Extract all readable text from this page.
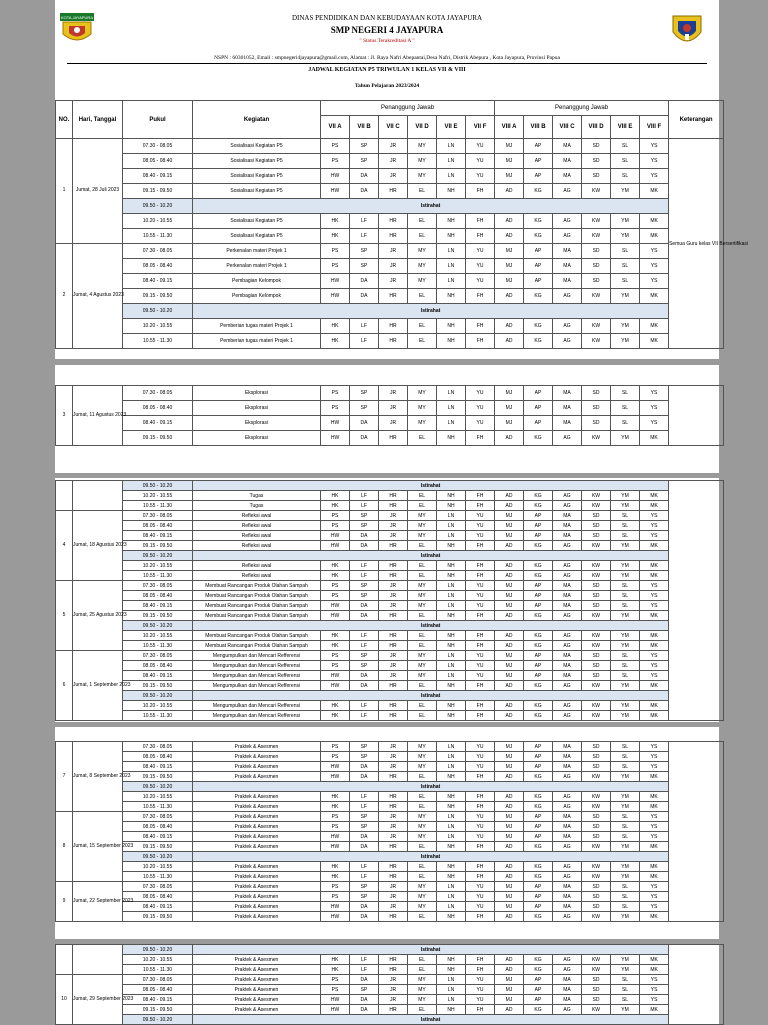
KOTA JAYAPURA	DINAS PENDIDIKAN DAN KEBUDAYAAN KOTA JAYAPURA
SMP NEGERI 4 JAYAPURA
" Status Terakreditasi A "
NSPN : 60301052, Email : smpnegeri4jayapura@gmail.com, Alamat : Jl. Raya Nafri Abepantai,Desa Nafri, Distrik Abepura , Kota Jayapura, Provinsi Papua
JADWAL KEGIATAN P5 TRIWULAN 1 KELAS VII & VIII
Tahun Pelajaran 2023/2024
NO.	Hari, Tanggal	Pukul	Kegiatan	Penanggung Jawab						Penanggung Jawab						Keterangan
				VII A	VII B	VII C	VII D	VII E	VII F	VIII A	VIII B	VIII C	VIII D	VIII E	VIII F	
1	Jumat, 28 Juli 2023	07.30 - 08.05	Sosialisasi Kegiatan P5	PS	SP	JR	MY	LN	YU	MJ	AP	MA	SD	SL	YS	Semua Guru kelas VII Bersertifikasi
		08.05 - 08.40	Sosialisasi Kegiatan P5	PS	SP	JR	MY	LN	YU	MJ	AP	MA	SD	SL	YS	
		08.40 - 09.15	Sosialisasi Kegiatan P5	HW	DA	JR	MY	LN	YU	MJ	AP	MA	SD	SL	YS	
		09.15 - 09.50	Sosialisasi Kegiatan P5	HW	DA	HR	EL	NH	FH	AD	KG	AG	KW	YM	MK	
		09.50 - 10.20	Istirahat													
		10.20 - 10.55	Sosialisasi Kegiatan P5	HK	LF	HR	EL	NH	FH	AD	KG	AG	KW	YM	MK	
		10.55 - 11.30	Sosialisasi Kegiatan P5	HK	LF	HR	EL	NH	FH	AD	KG	AG	KW	YM	MK	
2	Jumat, 4 Agustus 2023	07.30 - 08.05	Perkenalan materi Projek 1	PS	SP	JR	MY	LN	YU	MJ	AP	MA	SD	SL	YS	
		08.05 - 08.40	Perkenalan materi Projek 1	PS	SP	JR	MY	LN	YU	MJ	AP	MA	SD	SL	YS	
		08.40 - 09.15	Pembagian Kelompok	HW	DA	JR	MY	LN	YU	MJ	AP	MA	SD	SL	YS	
		09.15 - 09.50	Pembagian Kelompok	HW	DA	HR	EL	NH	FH	AD	KG	AG	KW	YM	MK	
		09.50 - 10.20	Istirahat													
		10.20 - 10.55	Pemberian tugas materi Projek 1	HK	LF	HR	EL	NH	FH	AD	KG	AG	KW	YM	MK	
		10.55 - 11.30	Pemberian tugas materi Projek 1	HK	LF	HR	EL	NH	FH	AD	KG	AG	KW	YM	MK	
3	Jumat, 11 Agustus 2023	07.30 - 08.05	Eksplorasi	PS	SP	JR	MY	LN	YU	MJ	AP	MA	SD	SL	YS	
		08.05 - 08.40	Eksplorasi	PS	SP	JR	MY	LN	YU	MJ	AP	MA	SD	SL	YS	
		08.40 - 09.15	Eksplorasi	HW	DA	JR	MY	LN	YU	MJ	AP	MA	SD	SL	YS	
		09.15 - 09.50	Eksplorasi	HW	DA	HR	EL	NH	FH	AD	KG	AG	KW	YM	MK	
		09.50 - 10.20	Istirahat													
		10.20 - 10.55	Tugas	HK	LF	HR	EL	NH	FH	AD	KG	AG	KW	YM	MK	
		10.55 - 11.30	Tugas	HK	LF	HR	EL	NH	FH	AD	KG	AG	KW	YM	MK	
4	Jumat, 18 Agustus 2023	07.30 - 08.05	Refleksi awal	PS	SP	JR	MY	LN	YU	MJ	AP	MA	SD	SL	YS	
		08.05 - 08.40	Refleksi awal	PS	SP	JR	MY	LN	YU	MJ	AP	MA	SD	SL	YS	
		08.40 - 09.15	Refleksi awal	HW	DA	JR	MY	LN	YU	MJ	AP	MA	SD	SL	YS	
		09.15 - 09.50	Refleksi awal	HW	DA	HR	EL	NH	FH	AD	KG	AG	KW	YM	MK	
		09.50 - 10.20	Istirahat													
		10.20 - 10.55	Refleksi awal	HK	LF	HR	EL	NH	FH	AD	KG	AG	KW	YM	MK	
		10.55 - 11.30	Refleksi awal	HK	LF	HR	EL	NH	FH	AD	KG	AG	KW	YM	MK	
5	Jumat, 25 Agustus 2023	07.30 - 08.05	Membuat Rancangan Produk Olahan Sampah	PS	SP	JR	MY	LN	YU	MJ	AP	MA	SD	SL	YS	
		08.05 - 08.40	Membuat Rancangan Produk Olahan Sampah	PS	SP	JR	MY	LN	YU	MJ	AP	MA	SD	SL	YS	
		08.40 - 09.15	Membuat Rancangan Produk Olahan Sampah	HW	DA	JR	MY	LN	YU	MJ	AP	MA	SD	SL	YS	
		09.15 - 09.50	Membuat Rancangan Produk Olahan Sampah	HW	DA	HR	EL	NH	FH	AD	KG	AG	KW	YM	MK	
		09.50 - 10.20	Istirahat													
		10.20 - 10.55	Membuat Rancangan Produk Olahan Sampah	HK	LF	HR	EL	NH	FH	AD	KG	AG	KW	YM	MK	
		10.55 - 11.30	Membuat Rancangan Produk Olahan Sampah	HK	LF	HR	EL	NH	FH	AD	KG	AG	KW	YM	MK	
6	Jumat, 1 September 2023	07.30 - 08.05	Mengumpulkan dan Mencari Refferensi	PS	SP	JR	MY	LN	YU	MJ	AP	MA	SD	SL	YS	
		08.05 - 08.40	Mengumpulkan dan Mencari Refferensi	PS	SP	JR	MY	LN	YU	MJ	AP	MA	SD	SL	YS	
		08.40 - 09.15	Mengumpulkan dan Mencari Refferensi	HW	DA	JR	MY	LN	YU	MJ	AP	MA	SD	SL	YS	
		09.15 - 09.50	Mengumpulkan dan Mencari Refferensi	HW	DA	HR	EL	NH	FH	AD	KG	AG	KW	YM	MK	
		09.50 - 10.20	Istirahat													
		10.20 - 10.55	Mengumpulkan dan Mencari Refferensi	HK	LF	HR	EL	NH	FH	AD	KG	AG	KW	YM	MK	
		10.55 - 11.30	Mengumpulkan dan Mencari Refferensi	HK	LF	HR	EL	NH	FH	AD	KG	AG	KW	YM	MK	
7	Jumat, 8 September 2023	07.30 - 08.05	Praktek & Asesmen	PS	SP	JR	MY	LN	YU	MJ	AP	MA	SD	SL	YS	
		08.05 - 08.40	Praktek & Asesmen	PS	SP	JR	MY	LN	YU	MJ	AP	MA	SD	SL	YS	
		08.40 - 09.15	Praktek & Asesmen	HW	DA	JR	MY	LN	YU	MJ	AP	MA	SD	SL	YS	
		09.15 - 09.50	Praktek & Asesmen	HW	DA	HR	EL	NH	FH	AD	KG	AG	KW	YM	MK	
		09.50 - 10.20	Istirahat													
		10.20 - 10.55	Praktek & Asesmen	HK	LF	HR	EL	NH	FH	AD	KG	AG	KW	YM	MK	
		10.55 - 11.30	Praktek & Asesmen	HK	LF	HR	EL	NH	FH	AD	KG	AG	KW	YM	MK	
8	Jumat, 15 September 2023	07.30 - 08.05	Praktek & Asesmen	PS	SP	JR	MY	LN	YU	MJ	AP	MA	SD	SL	YS	
		08.05 - 08.40	Praktek & Asesmen	PS	SP	JR	MY	LN	YU	MJ	AP	MA	SD	SL	YS	
		08.40 - 09.15	Praktek & Asesmen	HW	DA	JR	MY	LN	YU	MJ	AP	MA	SD	SL	YS	
		09.15 - 09.50	Praktek & Asesmen	HW	DA	HR	EL	NH	FH	AD	KG	AG	KW	YM	MK	
		09.50 - 10.20	Istirahat													
		10.20 - 10.55	Praktek & Asesmen	HK	LF	HR	EL	NH	FH	AD	KG	AG	KW	YM	MK	
		10.55 - 11.30	Praktek & Asesmen	HK	LF	HR	EL	NH	FH	AD	KG	AG	KW	YM	MK	
9	Jumat, 22 September 2023	07.30 - 08.05	Praktek & Asesmen	PS	SP	JR	MY	LN	YU	MJ	AP	MA	SD	SL	YS	
		08.05 - 08.40	Praktek & Asesmen	PS	SP	JR	MY	LN	YU	MJ	AP	MA	SD	SL	YS	
		08.40 - 09.15	Praktek & Asesmen	HW	DA	JR	MY	LN	YU	MJ	AP	MA	SD	SL	YS	
		09.15 - 09.50	Praktek & Asesmen	HW	DA	HR	EL	NH	FH	AD	KG	AG	KW	YM	MK	
		09.50 - 10.20	Istirahat													
		10.20 - 10.55	Praktek & Asesmen	HK	LF	HR	EL	NH	FH	AD	KG	AG	KW	YM	MK	
		10.55 - 11.30	Praktek & Asesmen	HK	LF	HR	EL	NH	FH	AD	KG	AG	KW	YM	MK	
10	Jumat, 29 September 2023	07.30 - 08.05	Praktek & Asesmen	PS	DA	JR	MY	LN	YU	MJ	AP	MA	SD	SL	YS	
		08.05 - 08.40	Praktek & Asesmen	PS	SP	JR	MY	LN	YU	MJ	AP	MA	SD	SL	YS	
		08.40 - 09.15	Praktek & Asesmen	HW	DA	JR	MY	LN	YU	MJ	AP	MA	SD	SL	YS	
		09.15 - 09.50	Praktek & Asesmen	HW	DA	HR	EL	NH	FH	AD	KG	AG	KW	YM	MK	
		09.50 - 10.20	Istirahat													
